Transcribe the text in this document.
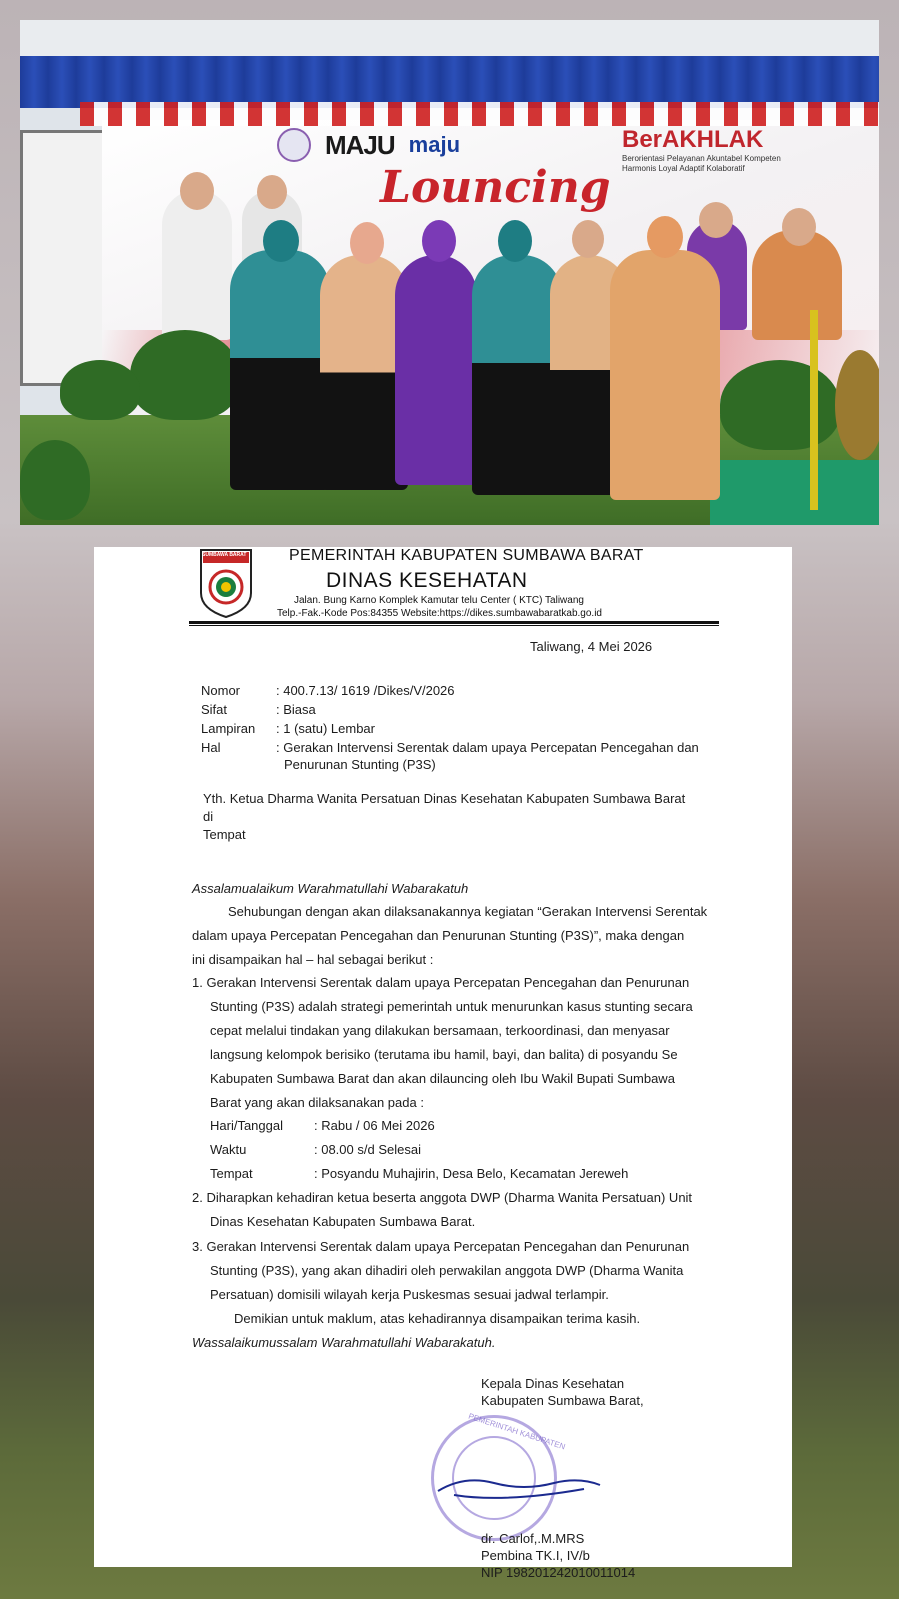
MAJU maju	BerAKHLAK
Berorientasi Pelayanan Akuntabel Kompeten Harmonis Loyal Adaptif Kolaboratif
Louncing
SUMBAWA BARAT	PEMERINTAH KABUPATEN SUMBAWA BARAT
DINAS KESEHATAN
Jalan. Bung Karno Komplek Kamutar telu Center ( KTC) Taliwang
Telp.-Fak.-Kode Pos:84355 Website:https://dikes.sumbawabaratkab.go.id
Taliwang, 4 Mei 2026
Nomor	: 400.7.13/ 1619 /Dikes/V/2026
Sifat	: Biasa
Lampiran : 1 (satu) Lembar
Hal	: Gerakan Intervensi Serentak dalam upaya Percepatan Pencegahan dan
Penurunan Stunting (P3S)
Yth. Ketua Dharma Wanita Persatuan Dinas Kesehatan Kabupaten Sumbawa Barat
di
Tempat
Assalamualaikum Warahmatullahi Wabarakatuh
Sehubungan dengan akan dilaksanakannya kegiatan “Gerakan Intervensi Serentak
dalam upaya Percepatan Pencegahan dan Penurunan Stunting (P3S)”, maka dengan
ini disampaikan hal – hal sebagai berikut :
1. Gerakan Intervensi Serentak dalam upaya Percepatan Pencegahan dan Penurunan
Stunting (P3S) adalah strategi pemerintah untuk menurunkan kasus stunting secara
cepat melalui tindakan yang dilakukan bersamaan, terkoordinasi, dan menyasar
langsung kelompok berisiko (terutama ibu hamil, bayi, dan balita) di posyandu Se
Kabupaten Sumbawa Barat dan akan dilauncing oleh Ibu Wakil Bupati Sumbawa
Barat yang akan dilaksanakan pada :
Hari/Tanggal : Rabu / 06 Mei 2026
Waktu	: 08.00 s/d Selesai
Tempat	: Posyandu Muhajirin, Desa Belo, Kecamatan Jereweh
2. Diharapkan kehadiran ketua beserta anggota DWP (Dharma Wanita Persatuan) Unit
Dinas Kesehatan Kabupaten Sumbawa Barat.
3. Gerakan Intervensi Serentak dalam upaya Percepatan Pencegahan dan Penurunan
Stunting (P3S), yang akan dihadiri oleh perwakilan anggota DWP (Dharma Wanita
Persatuan) domisili wilayah kerja Puskesmas sesuai jadwal terlampir.
Demikian untuk maklum, atas kehadirannya disampaikan terima kasih.
Wassalaikumussalam Warahmatullahi Wabarakatuh.
PEMERINTAH KABUPATEN
Kepala Dinas Kesehatan
Kabupaten Sumbawa Barat,
dr. Carlof,.M.MRS
Pembina TK.I, IV/b
NIP 198201242010011014
